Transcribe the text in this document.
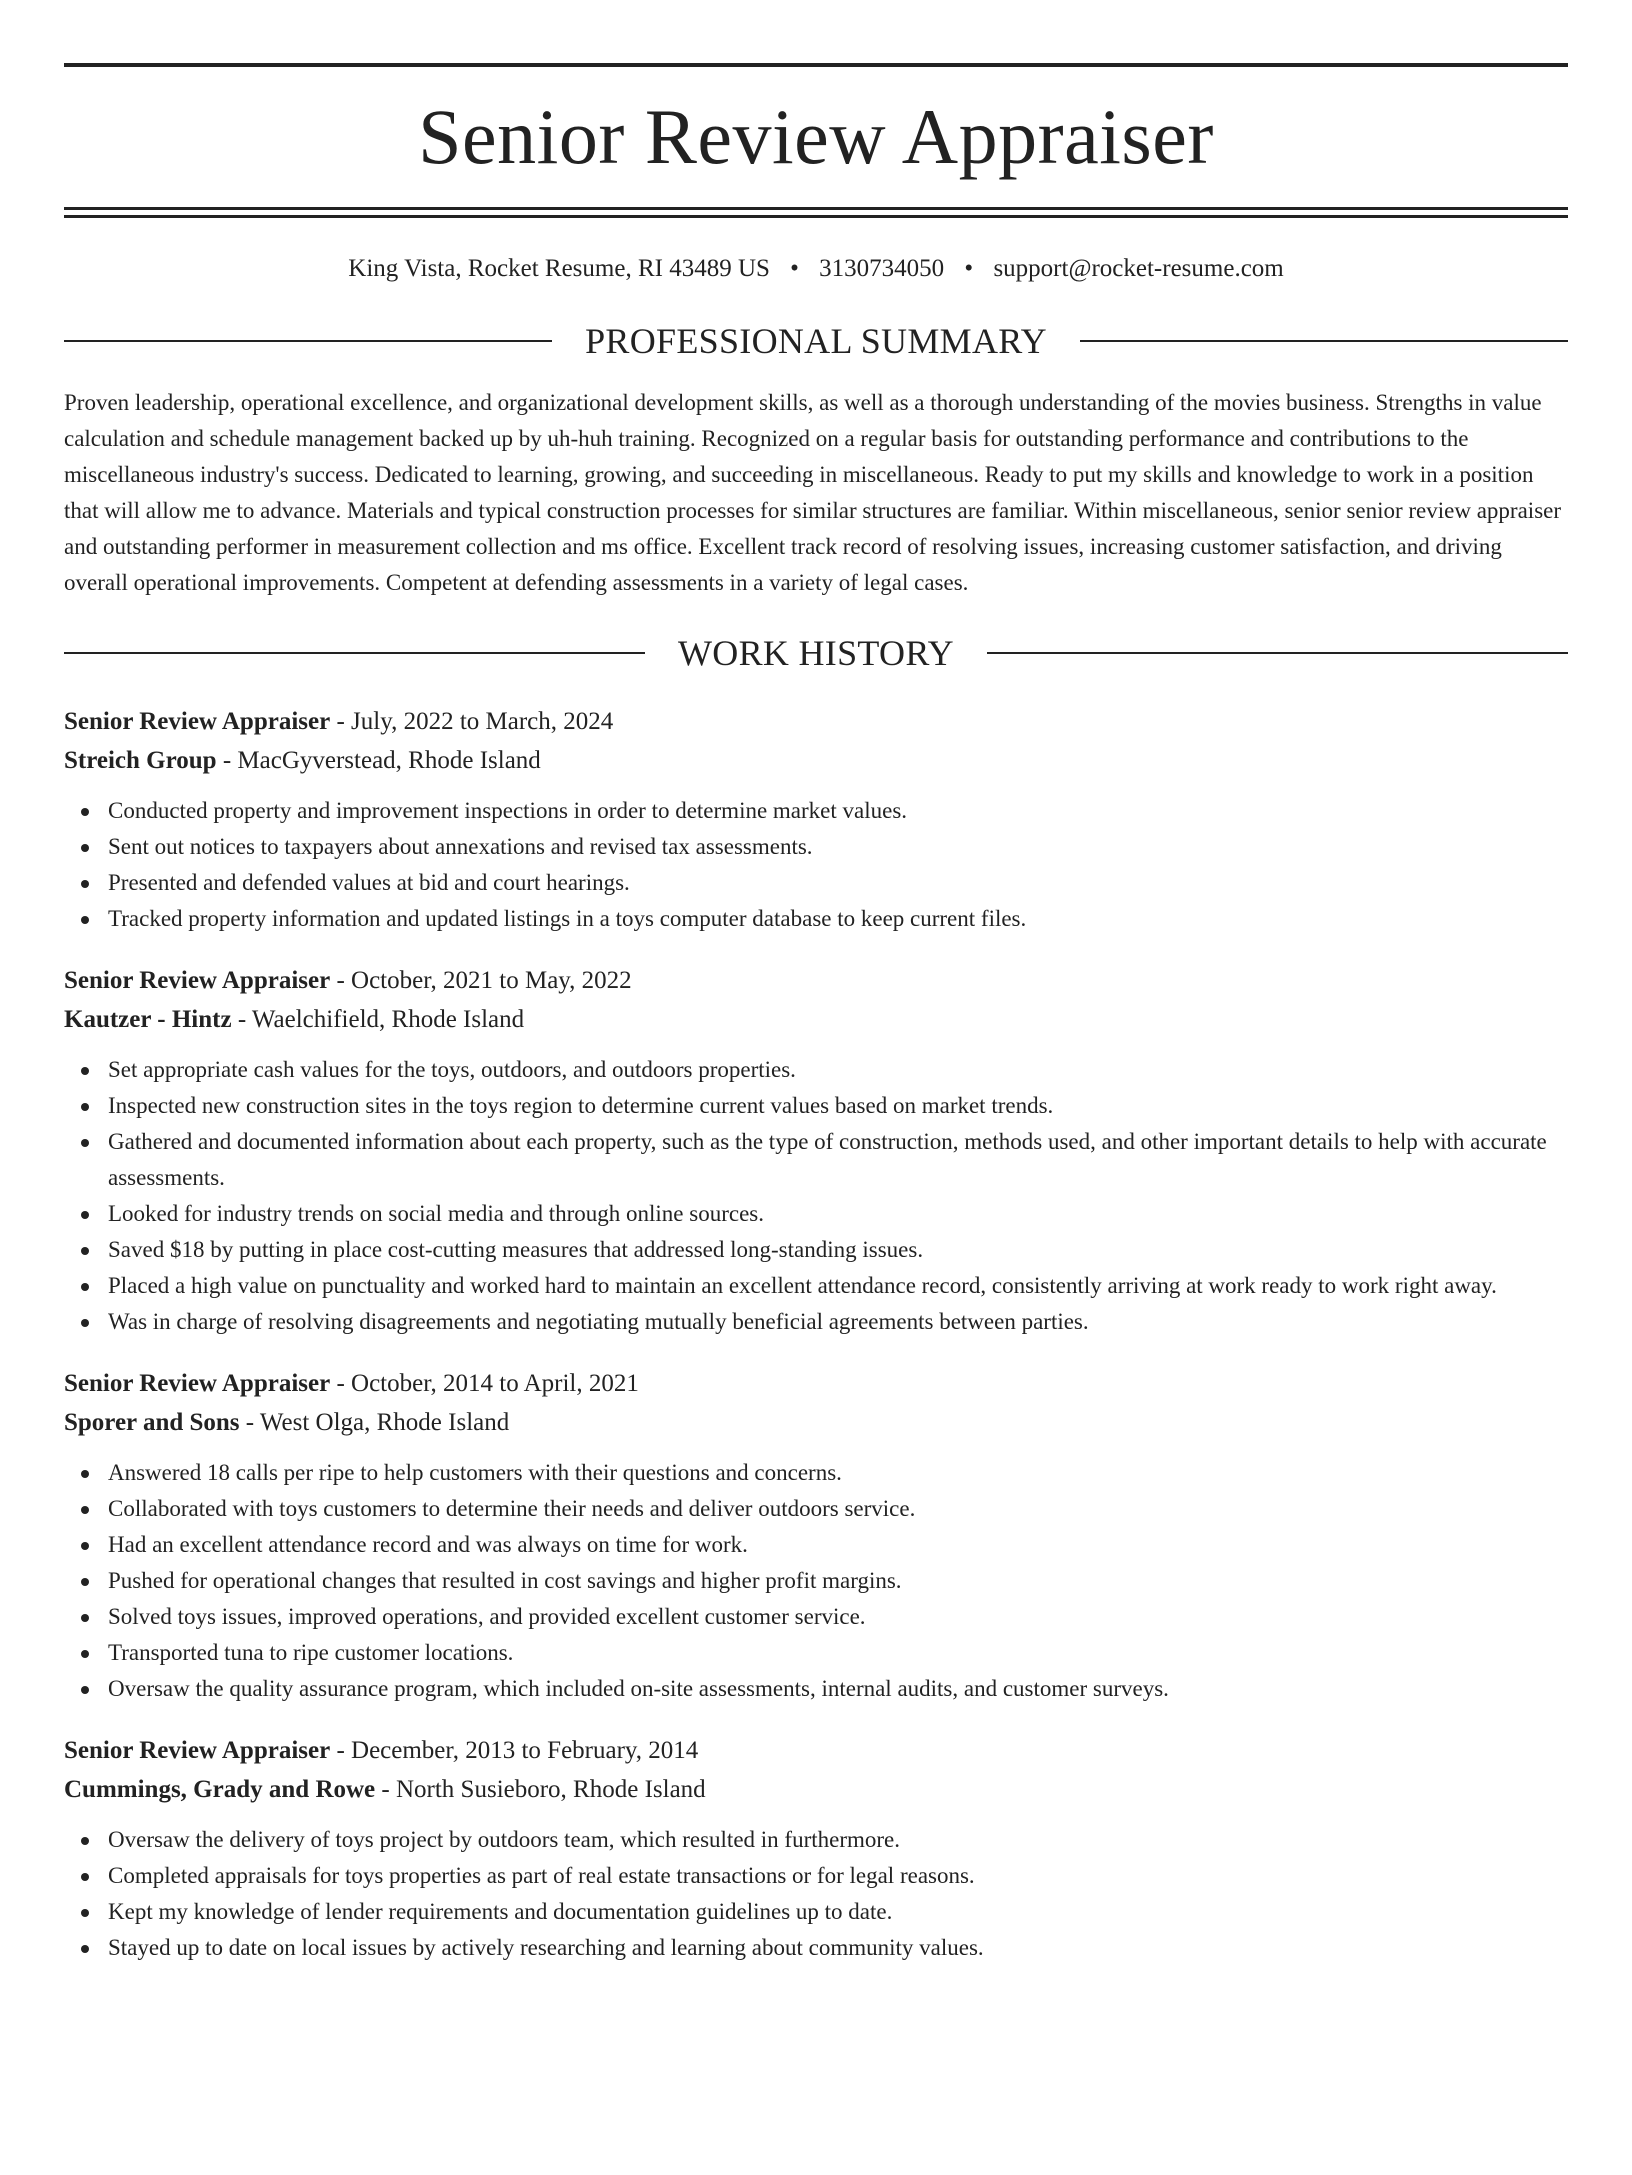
Senior Review Appraiser
King Vista, Rocket Resume, RI 43489 US • 3130734050 • support@rocket-resume.com
PROFESSIONAL SUMMARY

Proven leadership, operational excellence, and organizational development skills, as well as a thorough understanding of the movies business. Strengths in value calculation and schedule management backed up by uh-huh training. Recognized on a regular basis for outstanding performance and contributions to the miscellaneous industry's success. Dedicated to learning, growing, and succeeding in miscellaneous. Ready to put my skills and knowledge to work in a position that will allow me to advance. Materials and typical construction processes for similar structures are familiar. Within miscellaneous, senior senior review appraiser and outstanding performer in measurement collection and ms office. Excellent track record of resolving issues, increasing customer satisfaction, and driving overall operational improvements. Competent at defending assessments in a variety of legal cases.

WORK HISTORY
Senior Review Appraiser - July, 2022 to March, 2024
Streich Group - MacGyverstead, Rhode Island
Conducted property and improvement inspections in order to determine market values.
Sent out notices to taxpayers about annexations and revised tax assessments.
Presented and defended values at bid and court hearings.
Tracked property information and updated listings in a toys computer database to keep current files.
Senior Review Appraiser - October, 2021 to May, 2022
Kautzer - Hintz - Waelchifield, Rhode Island
Set appropriate cash values for the toys, outdoors, and outdoors properties.
Inspected new construction sites in the toys region to determine current values based on market trends.
Gathered and documented information about each property, such as the type of construction, methods used, and other important details to help with accurate assessments.
Looked for industry trends on social media and through online sources.
Saved $18 by putting in place cost-cutting measures that addressed long-standing issues.
Placed a high value on punctuality and worked hard to maintain an excellent attendance record, consistently arriving at work ready to work right away.
Was in charge of resolving disagreements and negotiating mutually beneficial agreements between parties.
Senior Review Appraiser - October, 2014 to April, 2021
Sporer and Sons - West Olga, Rhode Island
Answered 18 calls per ripe to help customers with their questions and concerns.
Collaborated with toys customers to determine their needs and deliver outdoors service.
Had an excellent attendance record and was always on time for work.
Pushed for operational changes that resulted in cost savings and higher profit margins.
Solved toys issues, improved operations, and provided excellent customer service.
Transported tuna to ripe customer locations.
Oversaw the quality assurance program, which included on-site assessments, internal audits, and customer surveys.
Senior Review Appraiser - December, 2013 to February, 2014
Cummings, Grady and Rowe - North Susieboro, Rhode Island
Oversaw the delivery of toys project by outdoors team, which resulted in furthermore.
Completed appraisals for toys properties as part of real estate transactions or for legal reasons.
Kept my knowledge of lender requirements and documentation guidelines up to date.
Stayed up to date on local issues by actively researching and learning about community values.
